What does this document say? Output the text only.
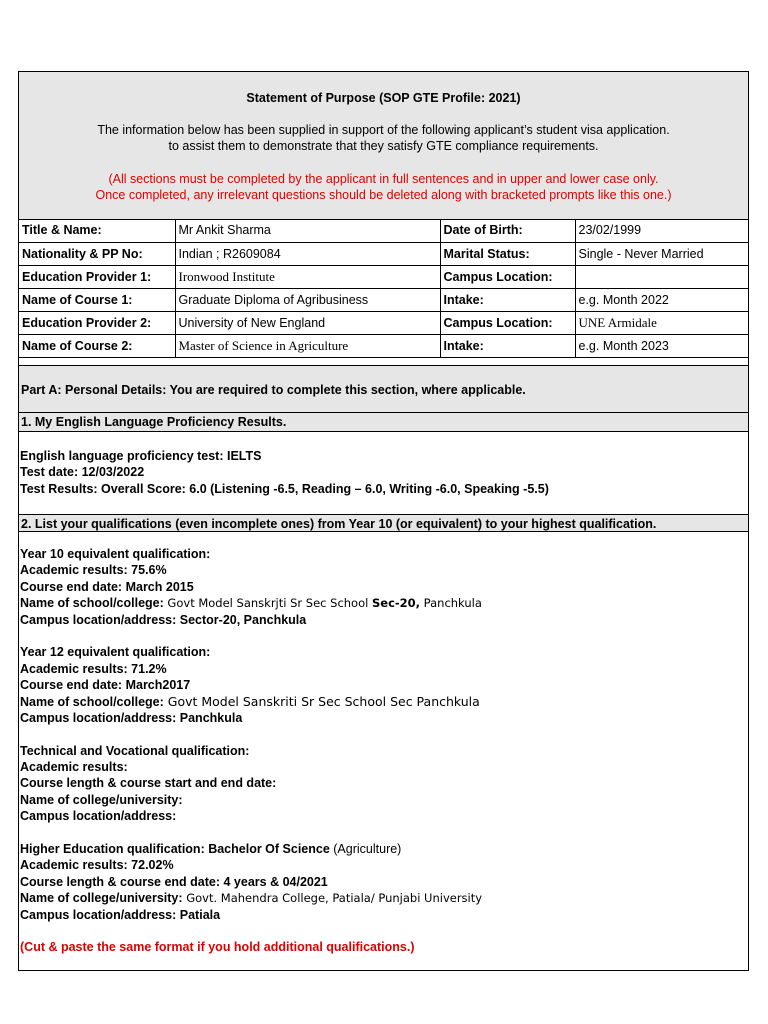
Statement of Purpose (SOP GTE Profile: 2021)
The information below has been supplied in support of the following applicant’s student visa application.
to assist them to demonstrate that they satisfy GTE compliance requirements.
(All sections must be completed by the applicant in full sentences and in upper and lower case only.
Once completed, any irrelevant questions should be deleted along with bracketed prompts like this one.)
Title & Name:	Mr Ankit Sharma	Date of Birth:	23/02/1999
Nationality & PP No:	Indian ; R2609084	Marital Status:	Single - Never Married
Education Provider 1:	Ironwood Institute	Campus Location:	
Name of Course 1:	Graduate Diploma of Agribusiness	Intake:	e.g. Month 2022
Education Provider 2:	University of New England	Campus Location:	UNE Armidale
Name of Course 2:	Master of Science in Agriculture	Intake:	e.g. Month 2023
Part A: Personal Details: You are required to complete this section, where applicable.
1. My English Language Proficiency Results.
English language proficiency test: IELTS
Test date: 12/03/2022
Test Results: Overall Score: 6.0 (Listening -6.5, Reading – 6.0, Writing -6.0, Speaking -5.5)
2. List your qualifications (even incomplete ones) from Year 10 (or equivalent) to your highest qualification.
Year 10 equivalent qualification:
Academic results: 75.6%
Course end date: March 2015
Name of school/college: Govt Model Sanskrjti Sr Sec School Sec-20, Panchkula
Campus location/address: Sector-20, Panchkula
Year 12 equivalent qualification:
Academic results: 71.2%
Course end date: March2017
Name of school/college: Govt Model Sanskriti Sr Sec School Sec Panchkula
Campus location/address: Panchkula
Technical and Vocational qualification:
Academic results:
Course length & course start and end date:
Name of college/university:
Campus location/address:
Higher Education qualification: Bachelor Of Science (Agriculture)
Academic results: 72.02%
Course length & course end date: 4 years & 04/2021
Name of college/university: Govt. Mahendra College, Patiala/ Punjabi University
Campus location/address: Patiala
(Cut & paste the same format if you hold additional qualifications.)
